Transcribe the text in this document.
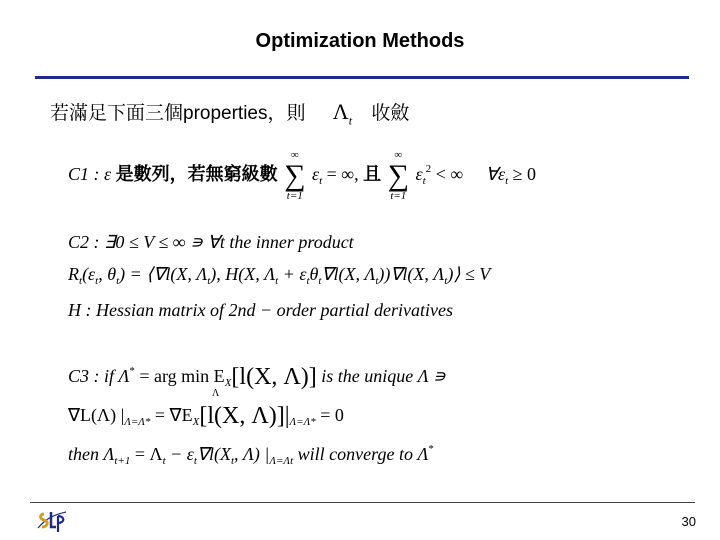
Optimization Methods
若滿足下面三個properties，則 $\Lambda_t$ 收斂
C1 : ε 是數列，若無窮級數
∞
∑
t=1
$\varepsilon_t$ = ∞, 且
∞
∑
t=1
$\varepsilon_t^2$ < ∞ $\forall\varepsilon_t \ge 0$
C2 : ∃0 ≤ V ≤ ∞ ∍ ∀t the inner product
$R_t(\varepsilon_t$, $\theta_t$) = ⟨∇l(X, $\Lambda_t$), H(X, $\Lambda_t + \varepsilon_t\theta_t\nabla l(X$, $\Lambda_t))\nabla l(X$, $\Lambda_t)⟩ \le V$
H : Hessian matrix of 2nd − order partial derivatives
C3 : if Λ* = arg $\min E_X[l(X$, Λ)] is the unique Λ ∍
Λ
∇L(Λ) $|_{\Lambda=\Lambda*} = \nabla E_X[l(X$, $\Lambda)]|_{\Lambda=\Lambda*} = 0$
then $\Lambda_{t+1} = \Lambda_t - \varepsilon_t\nabla l(X_t$, Λ) $|_{\Lambda=\Lambda t}$ will converge to Λ*
30
